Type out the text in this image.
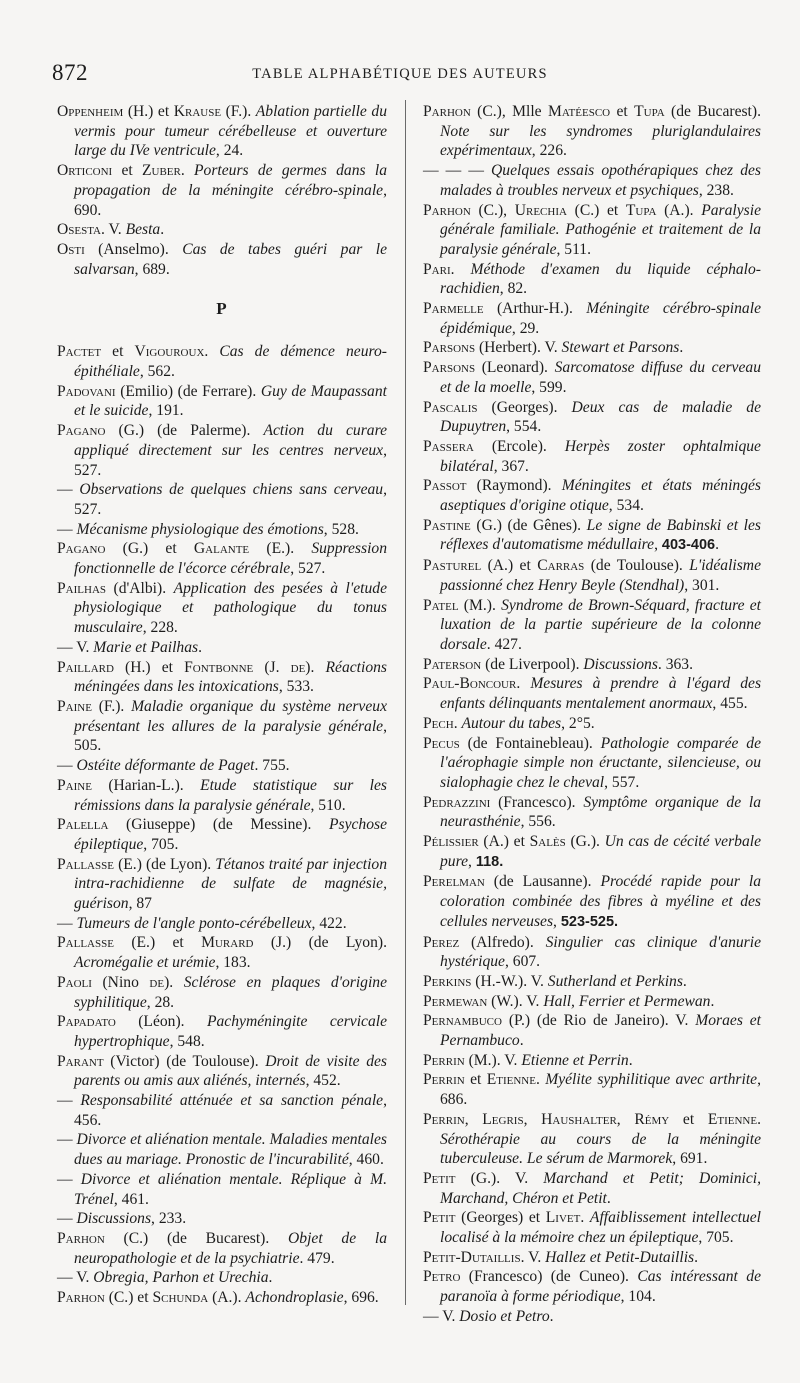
872	TABLE ALPHABÉTIQUE DES AUTEURS

Oppenheim (H.) et Krause (F.). Ablation partielle du vermis pour tumeur cérébelleuse et ouverture large du IVe ventricule, 24.

Orticoni et Zuber. Porteurs de germes dans la propagation de la méningite cérébro-spinale, 690.

Osesta. V. Besta.

Osti (Anselmo). Cas de tabes guéri par le salvarsan, 689.

P

Pactet et Vigouroux. Cas de démence neuro-épithéliale, 562.

Padovani (Emilio) (de Ferrare). Guy de Maupassant et le suicide, 191.

Pagano (G.) (de Palerme). Action du curare appliqué directement sur les centres nerveux, 527.

— Observations de quelques chiens sans cerveau, 527.

— Mécanisme physiologique des émotions, 528.

Pagano (G.) et Galante (E.). Suppression fonctionnelle de l'écorce cérébrale, 527.

Pailhas (d'Albi). Application des pesées à l'etude physiologique et pathologique du tonus musculaire, 228.

— V. Marie et Pailhas.

Paillard (H.) et Fontbonne (J. de). Réactions méningées dans les intoxications, 533.

Paine (F.). Maladie organique du système nerveux présentant les allures de la paralysie générale, 505.

— Ostéite déformante de Paget. 755.

Paine (Harian-L.). Etude statistique sur les rémissions dans la paralysie générale, 510.

Palella (Giuseppe) (de Messine). Psychose épileptique, 705.

Pallasse (E.) (de Lyon). Tétanos traité par injection intra-rachidienne de sulfate de magnésie, guérison, 87

— Tumeurs de l'angle ponto-cérébelleux, 422.

Pallasse (E.) et Murard (J.) (de Lyon). Acromégalie et urémie, 183.

Paoli (Nino de). Sclérose en plaques d'origine syphilitique, 28.

Papadato (Léon). Pachyméningite cervicale hypertrophique, 548.

Parant (Victor) (de Toulouse). Droit de visite des parents ou amis aux aliénés, internés, 452.

— Responsabilité atténuée et sa sanction pénale, 456.

— Divorce et aliénation mentale. Maladies mentales dues au mariage. Pronostic de l'incurabilité, 460.

— Divorce et aliénation mentale. Réplique à M. Trénel, 461.

— Discussions, 233.

Parhon (C.) (de Bucarest). Objet de la neuropathologie et de la psychiatrie. 479.

— V. Obregia, Parhon et Urechia.

Parhon (C.) et Schunda (A.). Achondroplasie, 696.

Parhon (C.), Mlle Matéesco et Tupa (de Bucarest). Note sur les syndromes pluriglandulaires expérimentaux, 226.

— — — Quelques essais opothérapiques chez des malades à troubles nerveux et psychiques, 238.

Parhon (C.), Urechia (C.) et Tupa (A.). Paralysie générale familiale. Pathogénie et traitement de la paralysie générale, 511.

Pari. Méthode d'examen du liquide céphalo-rachidien, 82.

Parmelle (Arthur-H.). Méningite cérébro-spinale épidémique, 29.

Parsons (Herbert). V. Stewart et Parsons.

Parsons (Leonard). Sarcomatose diffuse du cerveau et de la moelle, 599.

Pascalis (Georges). Deux cas de maladie de Dupuytren, 554.

Passera (Ercole). Herpès zoster ophtalmique bilatéral, 367.

Passot (Raymond). Méningites et états méningés aseptiques d'origine otique, 534.

Pastine (G.) (de Gênes). Le signe de Babinski et les réflexes d'automatisme médullaire, 403-406.

Pasturel (A.) et Carras (de Toulouse). L'idéalisme passionné chez Henry Beyle (Stendhal), 301.

Patel (M.). Syndrome de Brown-Séquard, fracture et luxation de la partie supérieure de la colonne dorsale. 427.

Paterson (de Liverpool). Discussions. 363.

Paul-Boncour. Mesures à prendre à l'égard des enfants délinquants mentalement anormaux, 455.

Pech. Autour du tabes, 2°5.

Pecus (de Fontainebleau). Pathologie comparée de l'aérophagie simple non éructante, silencieuse, ou sialophagie chez le cheval, 557.

Pedrazzini (Francesco). Symptôme organique de la neurasthénie, 556.

Pélissier (A.) et Salès (G.). Un cas de cécité verbale pure, 118.

Perelman (de Lausanne). Procédé rapide pour la coloration combinée des fibres à myéline et des cellules nerveuses, 523-525.

Perez (Alfredo). Singulier cas clinique d'anurie hystérique, 607.

Perkins (H.-W.). V. Sutherland et Perkins.

Permewan (W.). V. Hall, Ferrier et Permewan.

Pernambuco (P.) (de Rio de Janeiro). V. Moraes et Pernambuco.

Perrin (M.). V. Etienne et Perrin.

Perrin et Etienne. Myélite syphilitique avec arthrite, 686.

Perrin, Legris, Haushalter, Rémy et Etienne. Sérothérapie au cours de la méningite tuberculeuse. Le sérum de Marmorek, 691.

Petit (G.). V. Marchand et Petit; Dominici, Marchand, Chéron et Petit.

Petit (Georges) et Livet. Affaiblissement intellectuel localisé à la mémoire chez un épileptique, 705.

Petit-Dutaillis. V. Hallez et Petit-Dutaillis.

Petro (Francesco) (de Cuneo). Cas intéressant de paranoïa à forme périodique, 104.

— V. Dosio et Petro.
